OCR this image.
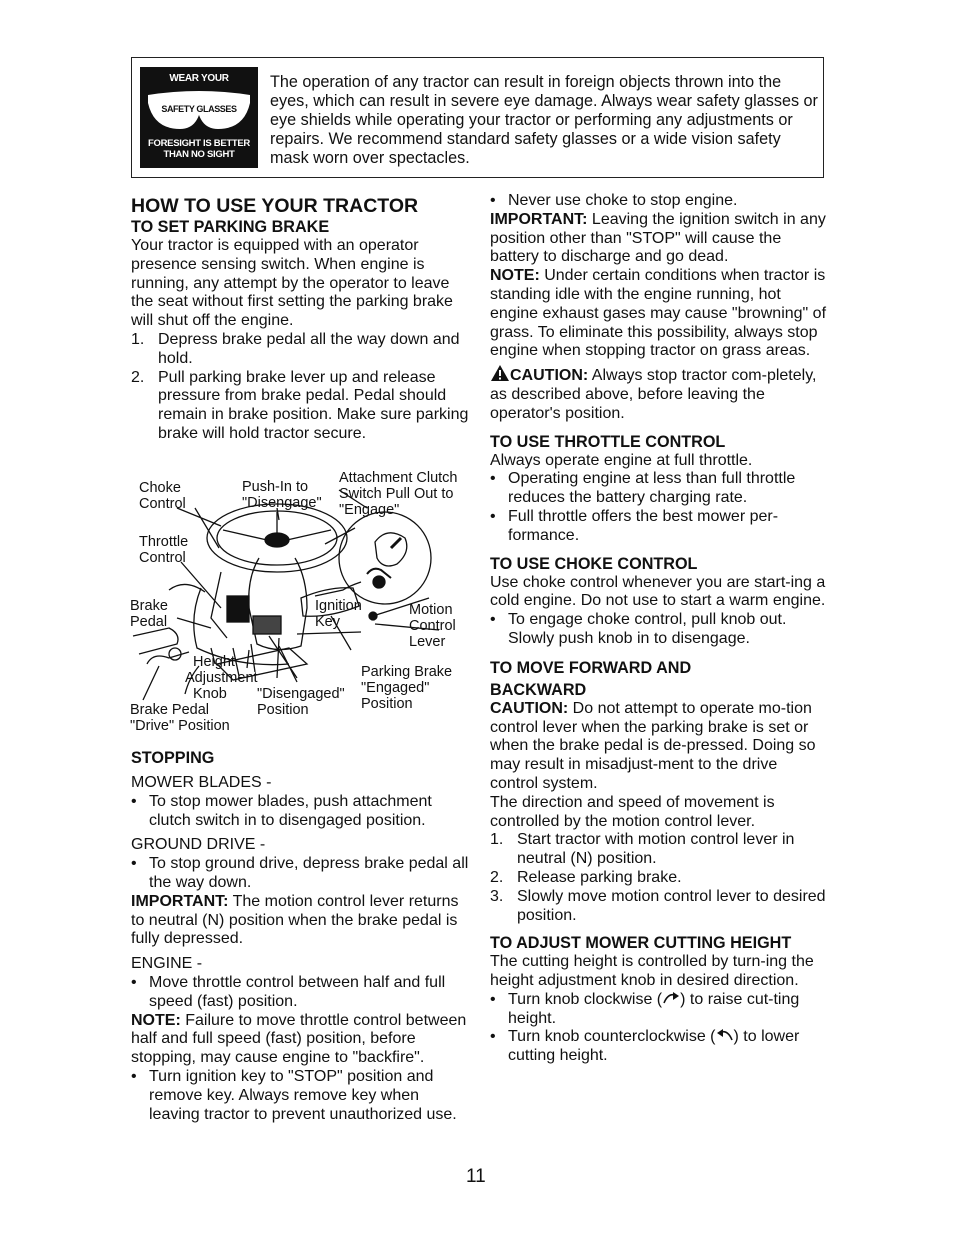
WEAR YOUR
SAFETY GLASSES
FORESIGHT IS BETTER
THAN NO SIGHT
The operation of any tractor can result in foreign objects thrown into the eyes, which can result in severe eye damage. Always wear safety glasses or eye shields while operating your tractor or performing any adjustments or repairs. We recommend standard safety glasses or a wide vision safety mask worn over spectacles.

HOW TO USE YOUR TRACTOR

TO SET PARKING BRAKE

Your tractor is equipped with an operator presence sensing switch. When engine is running, any attempt by the operator to leave the seat without first setting the parking brake will shut off the engine.

1. Depress brake pedal all the way down and hold.
2. Pull parking brake lever up and release pressure from brake pedal. Pedal should remain in brake position. Make sure parking brake will hold tractor secure.
Choke
Control
Push-In to
"Disengage"
Attachment Clutch
Switch Pull Out to
"Engage"
Throttle
Control
Brake
Pedal
Ignition
Key
Motion
Control
Lever
Height
Adjustment
Knob
Parking Brake
"Engaged"
Position
"Disengaged"
Position
Brake Pedal
"Drive" Position

STOPPING

MOWER BLADES -

• To stop mower blades, push attachment clutch switch in to disengaged position.

GROUND DRIVE -

• To stop ground drive, depress brake pedal all the way down.

IMPORTANT: The motion control lever returns to neutral (N) position when the brake pedal is fully depressed.

ENGINE -

• Move throttle control between half and full speed (fast) position.

NOTE: Failure to move throttle control between half and full speed (fast) position, before stopping, may cause engine to "backfire".

• Turn ignition key to "STOP" position and remove key. Always remove key when leaving tractor to prevent unauthorized use.
• Never use choke to stop engine.

IMPORTANT: Leaving the ignition switch in any position other than "STOP" will cause the battery to discharge and go dead.

NOTE: Under certain conditions when tractor is standing idle with the engine running, hot engine exhaust gases may cause "browning" of grass. To eliminate this possibility, always stop engine when stopping tractor on grass areas.

CAUTION: Always stop tractor com-pletely, as described above, before leaving the operator's position.

TO USE THROTTLE CONTROL

Always operate engine at full throttle.

• Operating engine at less than full throttle reduces the battery charging rate.
• Full throttle offers the best mower per-formance.

TO USE CHOKE CONTROL

Use choke control whenever you are start-ing a cold engine. Do not use to start a warm engine.

• To engage choke control, pull knob out. Slowly push knob in to disengage.

TO MOVE FORWARD AND

BACKWARD

CAUTION: Do not attempt to operate mo-tion control lever when the parking brake is set or when the brake pedal is de-pressed. Doing so may result in misadjust-ment to the drive control system.

The direction and speed of movement is controlled by the motion control lever.

1. Start tractor with motion control lever in neutral (N) position.
2. Release parking brake.
3. Slowly move motion control lever to desired position.

TO ADJUST MOWER CUTTING HEIGHT

The cutting height is controlled by turn-ing the height adjustment knob in desired direction.

• Turn knob clockwise ( ) to raise cut-ting height.
• Turn knob counterclockwise ( ) to lower cutting height.
11
